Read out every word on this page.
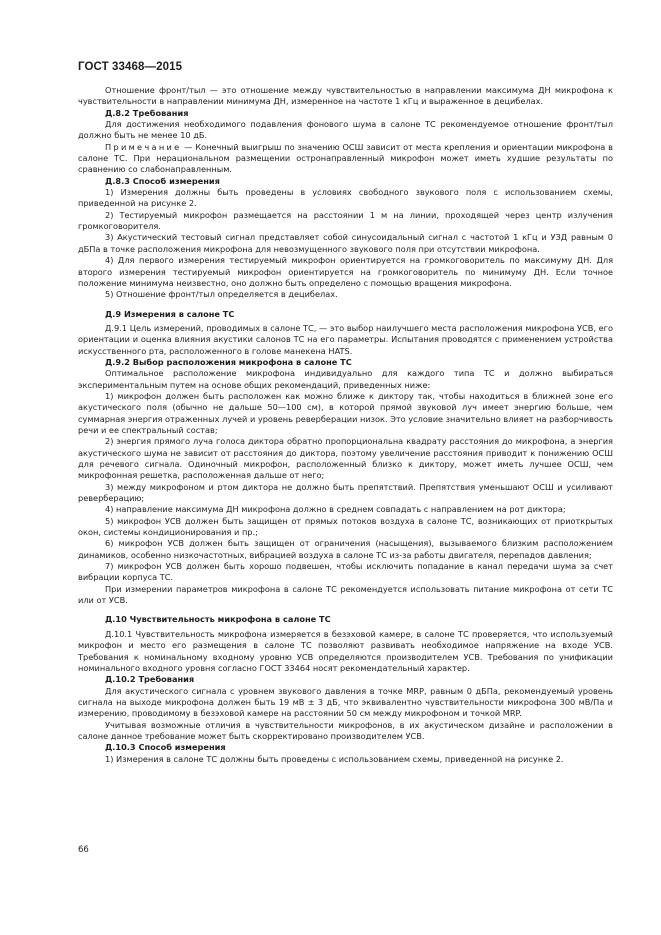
ГОСТ 33468—2015

Отношение фронт/тыл — это отношение между чувствительностью в направлении максимума ДН микрофона к чувствительности в направлении минимума ДН, измеренное на частоте 1 кГц и выраженное в децибелах.

Д.8.2 Требования

Для достижения необходимого подавления фонового шума в салоне ТС рекомендуемое отношение фронт/тыл должно быть не менее 10 дБ.

Примечание — Конечный выигрыш по значению ОСШ зависит от места крепления и ориентации микрофона в салоне ТС. При нерациональном размещении остронаправленный микрофон может иметь худшие результаты по сравнению со слабонаправленным.

Д.8.3 Способ измерения

1) Измерения должны быть проведены в условиях свободного звукового поля с использованием схемы, приведенной на рисунке 2.

2) Тестируемый микрофон размещается на расстоянии 1 м на линии, проходящей через центр излучения громкоговорителя.

3) Акустический тестовый сигнал представляет собой синусоидальный сигнал с частотой 1 кГц и УЗД равным 0 дБПа в точке расположения микрофона для невозмущенного звукового поля при отсутствии микрофона.

4) Для первого измерения тестируемый микрофон ориентируется на громкоговоритель по максимуму ДН. Для второго измерения тестируемый микрофон ориентируется на громкоговоритель по минимуму ДН. Если точное положение минимума неизвестно, оно должно быть определено с помощью вращения микрофона.

5) Отношение фронт/тыл определяется в децибелах.

Д.9 Измерения в салоне ТС

Д.9.1 Цель измерений, проводимых в салоне ТС, — это выбор наилучшего места расположения микрофона УСВ, его ориентации и оценка влияния акустики салонов ТС на его параметры. Испытания проводятся с применением устройства искусственного рта, расположенного в голове манекена HATS.

Д.9.2 Выбор расположения микрофона в салоне ТС

Оптимальное расположение микрофона индивидуально для каждого типа ТС и должно выбираться экспериментальным путем на основе общих рекомендаций, приведенных ниже:

1) микрофон должен быть расположен как можно ближе к диктору так, чтобы находиться в ближней зоне его акустического поля (обычно не дальше 50—100 см), в которой прямой звуковой луч имеет энергию больше, чем суммарная энергия отраженных лучей и уровень реверберации низок. Это условие значительно влияет на разборчивость речи и ее спектральный состав;

2) энергия прямого луча голоса диктора обратно пропорциональна квадрату расстояния до микрофона, а энергия акустического шума не зависит от расстояния до диктора, поэтому увеличение расстояния приводит к понижению ОСШ для речевого сигнала. Одиночный микрофон, расположенный близко к диктору, может иметь лучшее ОСШ, чем микрофонная решетка, расположенная дальше от него;

3) между микрофоном и ртом диктора не должно быть препятствий. Препятствия уменьшают ОСШ и усиливают реверберацию;

4) направление максимума ДН микрофона должно в среднем совпадать с направлением на рот диктора;

5) микрофон УСВ должен быть защищен от прямых потоков воздуха в салоне ТС, возникающих от приоткрытых окон, системы кондиционирования и пр.;

6) микрофон УСВ должен быть защищен от ограничения (насыщения), вызываемого близким расположением динамиков, особенно низкочастотных, вибрацией воздуха в салоне ТС из-за работы двигателя, перепадов давления;

7) микрофон УСВ должен быть хорошо подвешен, чтобы исключить попадание в канал передачи шума за счет вибрации корпуса ТС.

При измерении параметров микрофона в салоне ТС рекомендуется использовать питание микрофона от сети ТС или от УСВ.

Д.10 Чувствительность микрофона в салоне ТС

Д.10.1 Чувствительность микрофона измеряется в безэховой камере, в салоне ТС проверяется, что используемый микрофон и место его размещения в салоне ТС позволяют развивать необходимое напряжение на входе УСВ. Требования к номинальному входному уровню УСВ определяются производителем УСВ. Требования по унификации номинального входного уровня согласно ГОСТ 33464 носят рекомендательный характер.

Д.10.2 Требования

Для акустического сигнала с уровнем звукового давления в точке MRP, равным 0 дБПа, рекомендуемый уровень сигнала на выходе микрофона должен быть 19 мВ ± 3 дБ, что эквивалентно чувствительности микрофона 300 мВ/Па и измерению, проводимому в безэховой камере на расстоянии 50 см между микрофоном и точкой MRP.

Учитывая возможные отличия в чувствительности микрофонов, в их акустическом дизайне и расположении в салоне данное требование может быть скорректировано производителем УСВ.

Д.10.3 Способ измерения

1) Измерения в салоне ТС должны быть проведены с использованием схемы, приведенной на рисунке 2.

66
